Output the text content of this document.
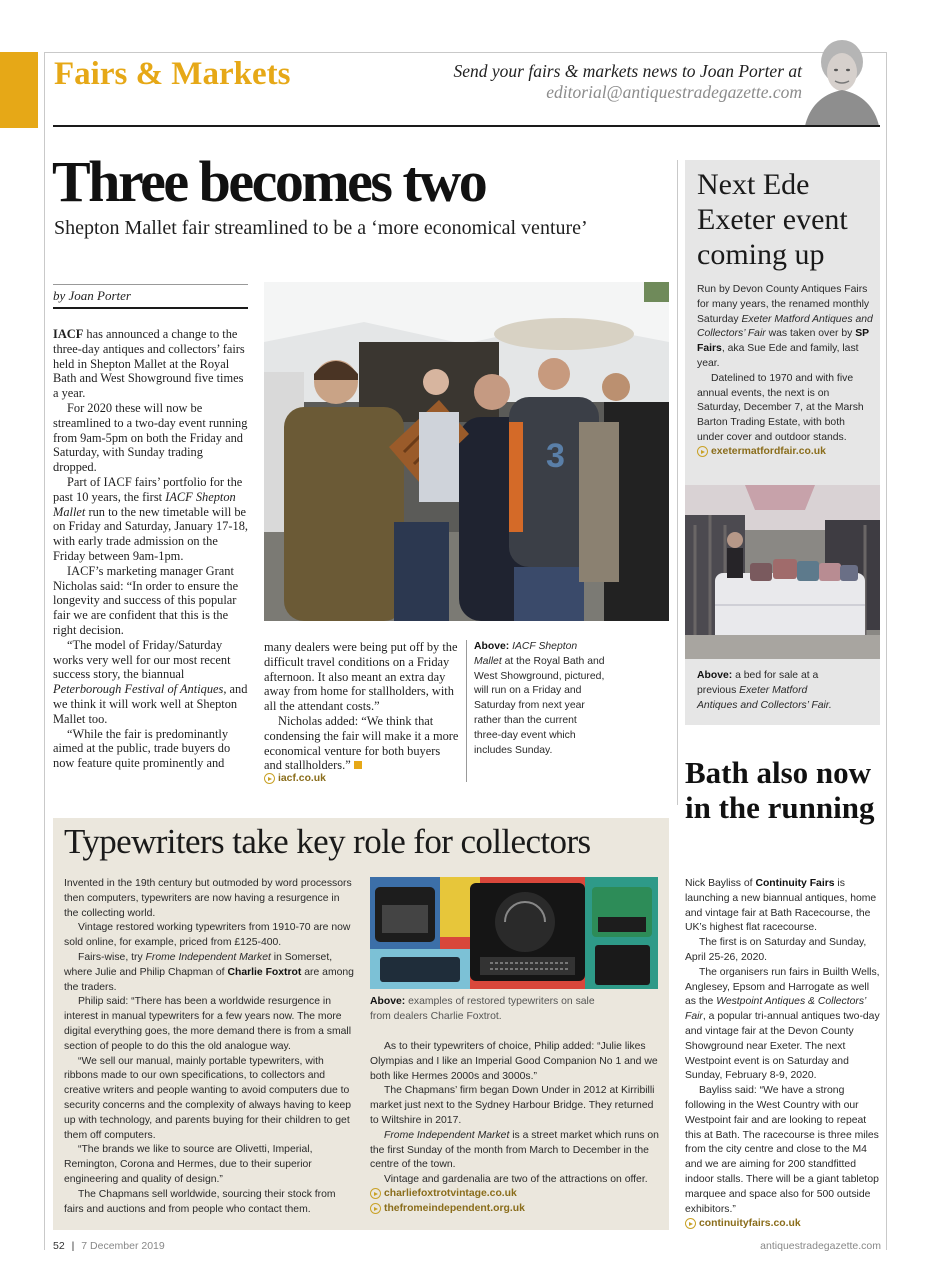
Fairs & Markets	Send your fairs & markets news to Joan Porter at
editorial@antiquestradegazette.com
Three becomes two
Shepton Mallet fair streamlined to be a ‘more economical venture’
by Joan Porter
IACF has announced a change to the three-day antiques and collectors’ fairs held in Shepton Mallet at the Royal Bath and West Showground five times a year.
For 2020 these will now be streamlined to a two-day event running from 9am-5pm on both the Friday and Saturday, with Sunday trading dropped.
Part of IACF fairs’ portfolio for the past 10 years, the first IACF Shepton Mallet run to the new timetable will be on Friday and Saturday, January 17-18, with early trade admission on the Friday between 9am-1pm.
IACF’s marketing manager Grant Nicholas said: “In order to ensure the longevity and success of this popular fair we are confident that this is the right decision.
“The model of Friday/Saturday works very well for our most recent success story, the biannual Peterborough Festival of Antiques, and we think it will work well at Shepton Mallet too.
“While the fair is predominantly aimed at the public, trade buyers do now feature quite prominently and
3
many dealers were being put off by the difficult travel conditions on a Friday afternoon. It also meant an extra day away from home for stallholders, with all the attendant costs.”
Nicholas added: “We think that condensing the fair will make it a more economical venture for both buyers and stallholders.”
iacf.co.uk
Above: IACF Shepton Mallet at the Royal Bath and West Showground, pictured, will run on a Friday and Saturday from next year rather than the current three-day event which includes Sunday.
Next Ede Exeter event coming up
Run by Devon County Antiques Fairs for many years, the renamed monthly Saturday Exeter Matford Antiques and Collectors’ Fair was taken over by SP Fairs, aka Sue Ede and family, last year.
Datelined to 1970 and with five annual events, the next is on Saturday, December 7, at the Marsh Barton Trading Estate, with both under cover and outdoor stands.
exetermatfordfair.co.uk
Above: a bed for sale at a previous Exeter Matford Antiques and Collectors’ Fair.
Bath also now in the running
Nick Bayliss of Continuity Fairs is launching a new biannual antiques, home and vintage fair at Bath Racecourse, the UK’s highest flat racecourse.
The first is on Saturday and Sunday, April 25-26, 2020.
The organisers run fairs in Builth Wells, Anglesey, Epsom and Harrogate as well as the Westpoint Antiques & Collectors’ Fair, a popular tri-annual antiques two-day and vintage fair at the Devon County Showground near Exeter. The next Westpoint event is on Saturday and Sunday, February 8-9, 2020.
Bayliss said: “We have a strong following in the West Country with our Westpoint fair and are looking to repeat this at Bath. The racecourse is three miles from the city centre and close to the M4 and we are aiming for 200 standfitted indoor stalls. There will be a giant tabletop marquee and space also for 500 outside exhibitors.”
continuityfairs.co.uk
Typewriters take key role for collectors
Invented in the 19th century but outmoded by word processors then computers, typewriters are now having a resurgence in the collecting world.
Vintage restored working typewriters from 1910-70 are now sold online, for example, priced from £125-400.
Fairs-wise, try Frome Independent Market in Somerset, where Julie and Philip Chapman of Charlie Foxtrot are among the traders.
Philip said: “There has been a worldwide resurgence in interest in manual typewriters for a few years now. The more digital everything goes, the more demand there is from a small section of people to do this the old analogue way.
“We sell our manual, mainly portable typewriters, with ribbons made to our own specifications, to collectors and creative writers and people wanting to avoid computers due to security concerns and the complexity of always having to keep up with technology, and parents buying for their children to get them off computers.
“The brands we like to source are Olivetti, Imperial, Remington, Corona and Hermes, due to their superior engineering and quality of design.”
The Chapmans sell worldwide, sourcing their stock from fairs and auctions and from people who contact them.
Above: examples of restored typewriters on sale from dealers Charlie Foxtrot.
As to their typewriters of choice, Philip added: “Julie likes Olympias and I like an Imperial Good Companion No 1 and we both like Hermes 2000s and 3000s.”
The Chapmans’ firm began Down Under in 2012 at Kirribilli market just next to the Sydney Harbour Bridge. They returned to Wiltshire in 2017.
Frome Independent Market is a street market which runs on the first Sunday of the month from March to December in the centre of the town.
Vintage and gardenalia are two of the attractions on offer.
charliefoxtrotvintage.co.uk
thefromeindependent.org.uk
52 | 7 December 2019	antiquestradegazette.com
